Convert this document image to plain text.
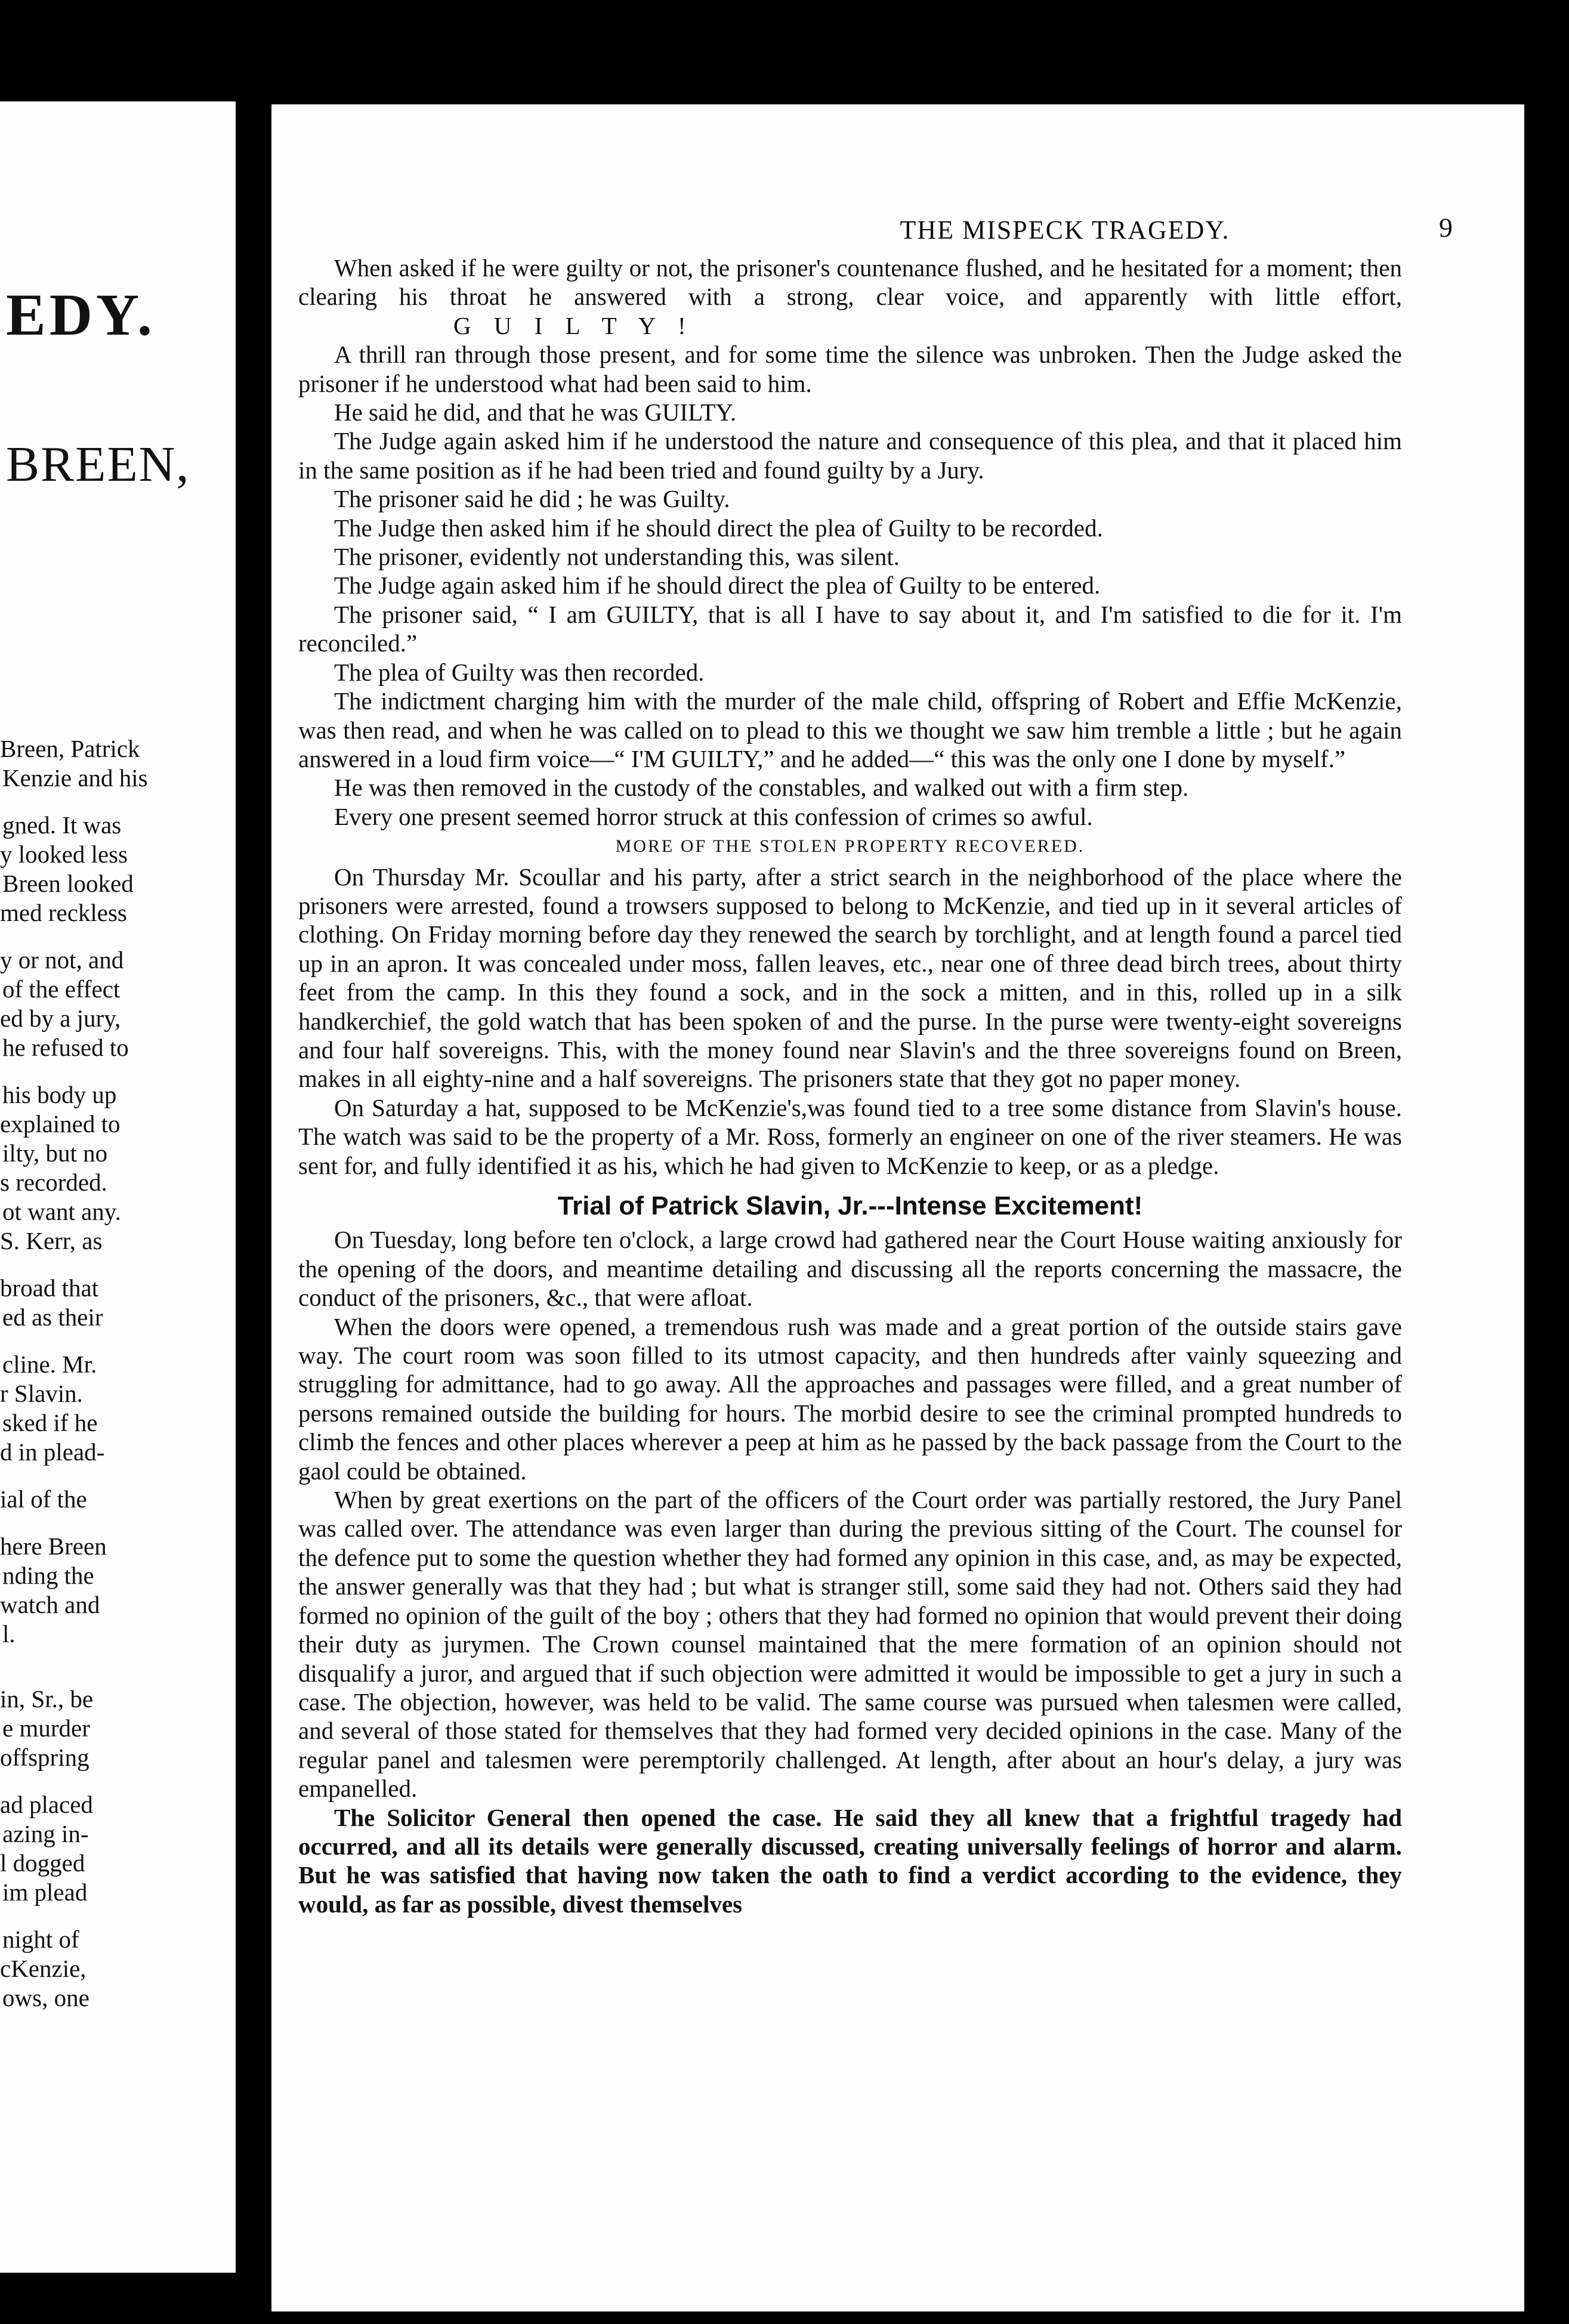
EDY.
BREEN,
Breen, Patrick
Kenzie and his
gned. It was
y looked less
Breen looked
med reckless
y or not, and
of the effect
ed by a jury,
he refused to
his body up
explained to
ilty, but no
s recorded.
ot want any.
S. Kerr, as
broad that
ed as their
cline. Mr.
r Slavin.
sked if he
d in plead-
ial of the
here Breen
nding the
watch and
l.
in, Sr., be
e murder
offspring
ad placed
azing in-
l dogged
im plead
night of
cKenzie,
ows, one
THE MISPECK TRAGEDY.	9

When asked if he were guilty or not, the prisoner's countenance flushed, and he hesitated for a moment; then clearing his throat he answered with a strong, clear voice, and apparently with little effort, G U I L T Y !

A thrill ran through those present, and for some time the silence was unbroken. Then the Judge asked the prisoner if he understood what had been said to him.

He said he did, and that he was GUILTY.

The Judge again asked him if he understood the nature and consequence of this plea, and that it placed him in the same position as if he had been tried and found guilty by a Jury.

The prisoner said he did ; he was Guilty.

The Judge then asked him if he should direct the plea of Guilty to be recorded.

The prisoner, evidently not understanding this, was silent.

The Judge again asked him if he should direct the plea of Guilty to be entered.

The prisoner said, “ I am GUILTY, that is all I have to say about it, and I'm satisfied to die for it. I'm reconciled.”

The plea of Guilty was then recorded.

The indictment charging him with the murder of the male child, offspring of Robert and Effie McKenzie, was then read, and when he was called on to plead to this we thought we saw him tremble a little ; but he again answered in a loud firm voice—“ I'M GUILTY,” and he added—“ this was the only one I done by myself.”

He was then removed in the custody of the constables, and walked out with a firm step.

Every one present seemed horror struck at this confession of crimes so awful.

MORE OF THE STOLEN PROPERTY RECOVERED.

On Thursday Mr. Scoullar and his party, after a strict search in the neighborhood of the place where the prisoners were arrested, found a trowsers supposed to belong to McKenzie, and tied up in it several articles of clothing. On Friday morning before day they renewed the search by torchlight, and at length found a parcel tied up in an apron. It was concealed under moss, fallen leaves, etc., near one of three dead birch trees, about thirty feet from the camp. In this they found a sock, and in the sock a mitten, and in this, rolled up in a silk handkerchief, the gold watch that has been spoken of and the purse. In the purse were twenty-eight sovereigns and four half sovereigns. This, with the money found near Slavin's and the three sovereigns found on Breen, makes in all eighty-nine and a half sovereigns. The prisoners state that they got no paper money.

On Saturday a hat, supposed to be McKenzie's,was found tied to a tree some distance from Slavin's house. The watch was said to be the property of a Mr. Ross, formerly an engineer on one of the river steamers. He was sent for, and fully identified it as his, which he had given to McKenzie to keep, or as a pledge.

Trial of Patrick Slavin, Jr.---Intense Excitement!

On Tuesday, long before ten o'clock, a large crowd had gathered near the Court House waiting anxiously for the opening of the doors, and meantime detailing and discussing all the reports concerning the massacre, the conduct of the prisoners, &c., that were afloat.

When the doors were opened, a tremendous rush was made and a great portion of the outside stairs gave way. The court room was soon filled to its utmost capacity, and then hundreds after vainly squeezing and struggling for admittance, had to go away. All the approaches and passages were filled, and a great number of persons remained outside the building for hours. The morbid desire to see the criminal prompted hundreds to climb the fences and other places wherever a peep at him as he passed by the back passage from the Court to the gaol could be obtained.

When by great exertions on the part of the officers of the Court order was partially restored, the Jury Panel was called over. The attendance was even larger than during the previous sitting of the Court. The counsel for the defence put to some the question whether they had formed any opinion in this case, and, as may be expected, the answer generally was that they had ; but what is stranger still, some said they had not. Others said they had formed no opinion of the guilt of the boy ; others that they had formed no opinion that would prevent their doing their duty as jurymen. The Crown counsel maintained that the mere formation of an opinion should not disqualify a juror, and argued that if such objection were admitted it would be impossible to get a jury in such a case. The objection, however, was held to be valid. The same course was pursued when talesmen were called, and several of those stated for themselves that they had formed very decided opinions in the case. Many of the regular panel and talesmen were peremptorily challenged. At length, after about an hour's delay, a jury was empanelled.

The Solicitor General then opened the case. He said they all knew that a frightful tragedy had occurred, and all its details were generally discussed, creating universally feelings of horror and alarm. But he was satisfied that having now taken the oath to find a verdict according to the evidence, they would, as far as possible, divest themselves
